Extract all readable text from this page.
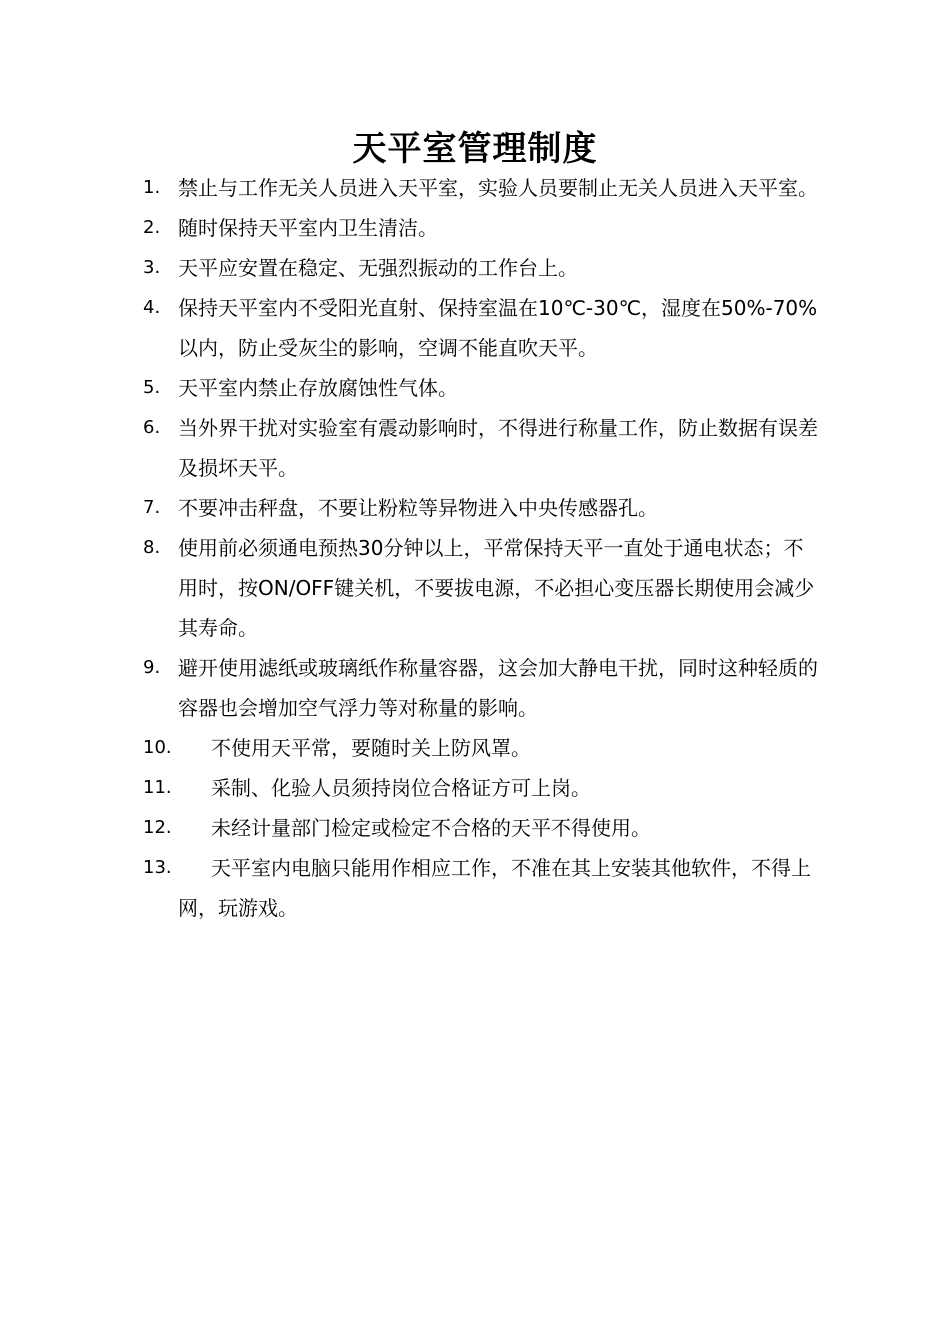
天平室管理制度
1. 禁止与工作无关人员进入天平室，实验人员要制止无关人员进入天平室。
2. 随时保持天平室内卫生清洁。
3. 天平应安置在稳定、无强烈振动的工作台上。
4. 保持天平室内不受阳光直射、保持室温在10℃-30℃，湿度在50%-70%以内，防止受灰尘的影响，空调不能直吹天平。
5. 天平室内禁止存放腐蚀性气体。
6. 当外界干扰对实验室有震动影响时，不得进行称量工作，防止数据有误差及损坏天平。
7. 不要冲击秤盘，不要让粉粒等异物进入中央传感器孔。
8. 使用前必须通电预热30分钟以上，平常保持天平一直处于通电状态；不用时，按ON/OFF键关机，不要拔电源，不必担心变压器长期使用会减少其寿命。
9. 避开使用滤纸或玻璃纸作称量容器，这会加大静电干扰，同时这种轻质的容器也会增加空气浮力等对称量的影响。
10.	不使用天平常，要随时关上防风罩。
11.	采制、化验人员须持岗位合格证方可上岗。
12.	未经计量部门检定或检定不合格的天平不得使用。
13.	天平室内电脑只能用作相应工作，不准在其上安装其他软件，不得上网，玩游戏。
